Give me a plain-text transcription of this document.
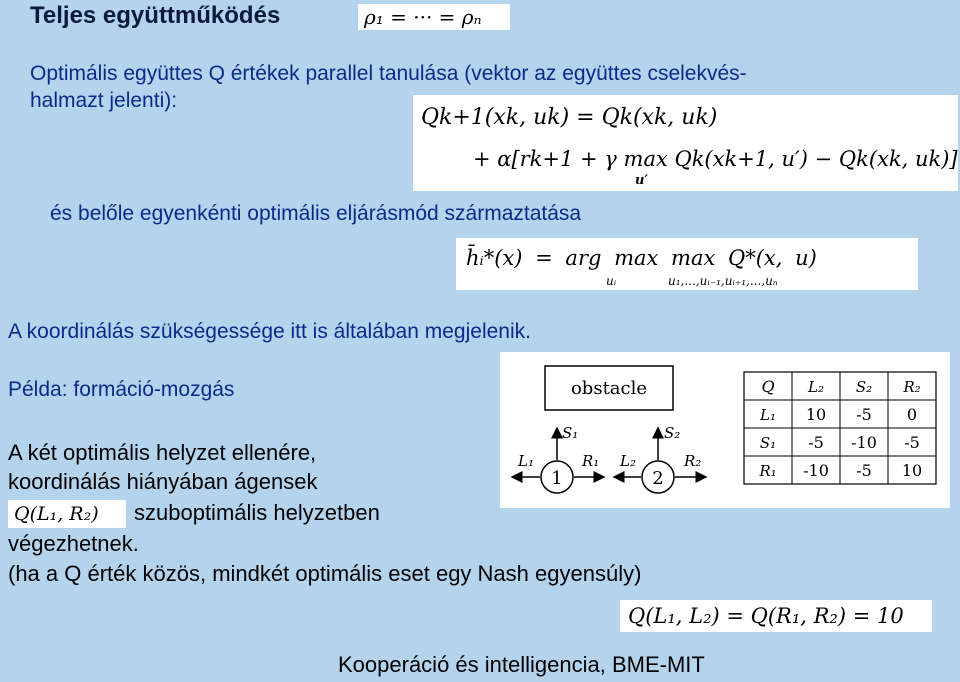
Teljes együttműködés	ρ₁ = ··· = ρₙ
Optimális együttes Q értékek parallel tanulása (vektor az együttes cselekvés-
halmazt jelenti):
Qk+1(xk, uk) = Qk(xk, uk)
+ α[rk+1 + γ max Qk(xk+1, u′) − Qk(xk, uk)]
u′
és belőle egyenkénti optimális eljárásmód származtatása
h̄ᵢ*(x) = arg max max Q*(x, u)
uᵢ	u₁,...,uᵢ₋₁,uᵢ₊₁,...,uₙ
A koordinálás szükségessége itt is általában megjelenik.
Példa: formáció-mozgás
A két optimális helyzet ellenére,
koordinálás hiányában ágensek
Q(L₁, R₂)	szuboptimális helyzetben
végezhetnek.
(ha a Q érték közös, mindkét optimális eset egy Nash egyensúly)
obstacle
1
S₁
L₁	R₁
2
S₂
L₂	R₂
Q L₂ S₂ R₂
L₁ 10 -5 0
S₁ -5 -10 -5
R₁ -10 -5 10
Q(L₁, L₂) = Q(R₁, R₂) = 10
Kooperáció és intelligencia, BME-MIT
